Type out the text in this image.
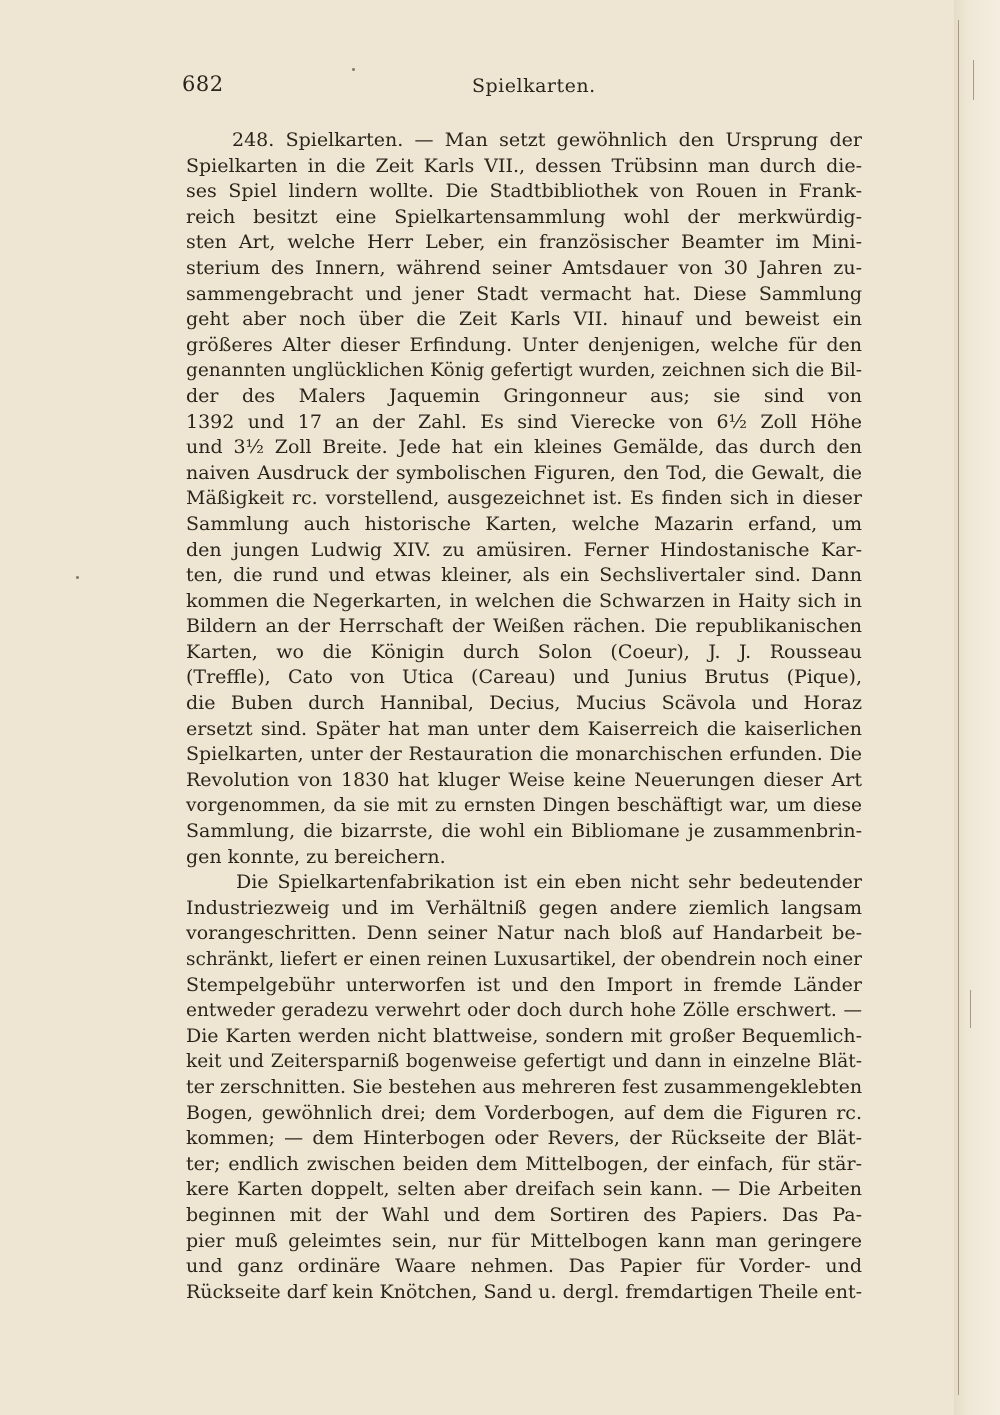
682	Spielkarten.
248. Spielkarten. — Man setzt gewöhnlich den Ursprung der
Spielkarten in die Zeit Karls VII., dessen Trübsinn man durch die-
ses Spiel lindern wollte. Die Stadtbibliothek von Rouen in Frank-
reich besitzt eine Spielkartensammlung wohl der merkwürdig-
sten Art, welche Herr Leber, ein französischer Beamter im Mini-
sterium des Innern, während seiner Amtsdauer von 30 Jahren zu-
sammengebracht und jener Stadt vermacht hat. Diese Sammlung
geht aber noch über die Zeit Karls VII. hinauf und beweist ein
größeres Alter dieser Erfindung. Unter denjenigen, welche für den
genannten unglücklichen König gefertigt wurden, zeichnen sich die Bil-
der des Malers Jaquemin Gringonneur aus; sie sind von
1392 und 17 an der Zahl. Es sind Vierecke von 6½ Zoll Höhe
und 3½ Zoll Breite. Jede hat ein kleines Gemälde, das durch den
naiven Ausdruck der symbolischen Figuren, den Tod, die Gewalt, die
Mäßigkeit rc. vorstellend, ausgezeichnet ist. Es finden sich in dieser
Sammlung auch historische Karten, welche Mazarin erfand, um
den jungen Ludwig XIV. zu amüsiren. Ferner Hindostanische Kar-
ten, die rund und etwas kleiner, als ein Sechslivertaler sind. Dann
kommen die Negerkarten, in welchen die Schwarzen in Haity sich in
Bildern an der Herrschaft der Weißen rächen. Die republikanischen
Karten, wo die Königin durch Solon (Coeur), J. J. Rousseau
(Treffle), Cato von Utica (Careau) und Junius Brutus (Pique),
die Buben durch Hannibal, Decius, Mucius Scävola und Horaz
ersetzt sind. Später hat man unter dem Kaiserreich die kaiserlichen
Spielkarten, unter der Restauration die monarchischen erfunden. Die
Revolution von 1830 hat kluger Weise keine Neuerungen dieser Art
vorgenommen, da sie mit zu ernsten Dingen beschäftigt war, um diese
Sammlung, die bizarrste, die wohl ein Bibliomane je zusammenbrin-
gen konnte, zu bereichern.
Die Spielkartenfabrikation ist ein eben nicht sehr bedeutender
Industriezweig und im Verhältniß gegen andere ziemlich langsam
vorangeschritten. Denn seiner Natur nach bloß auf Handarbeit be-
schränkt, liefert er einen reinen Luxusartikel, der obendrein noch einer
Stempelgebühr unterworfen ist und den Import in fremde Länder
entweder geradezu verwehrt oder doch durch hohe Zölle erschwert. —
Die Karten werden nicht blattweise, sondern mit großer Bequemlich-
keit und Zeitersparniß bogenweise gefertigt und dann in einzelne Blät-
ter zerschnitten. Sie bestehen aus mehreren fest zusammengeklebten
Bogen, gewöhnlich drei; dem Vorderbogen, auf dem die Figuren rc.
kommen; — dem Hinterbogen oder Revers, der Rückseite der Blät-
ter; endlich zwischen beiden dem Mittelbogen, der einfach, für stär-
kere Karten doppelt, selten aber dreifach sein kann. — Die Arbeiten
beginnen mit der Wahl und dem Sortiren des Papiers. Das Pa-
pier muß geleimtes sein, nur für Mittelbogen kann man geringere
und ganz ordinäre Waare nehmen. Das Papier für Vorder- und
Rückseite darf kein Knötchen, Sand u. dergl. fremdartigen Theile ent-
